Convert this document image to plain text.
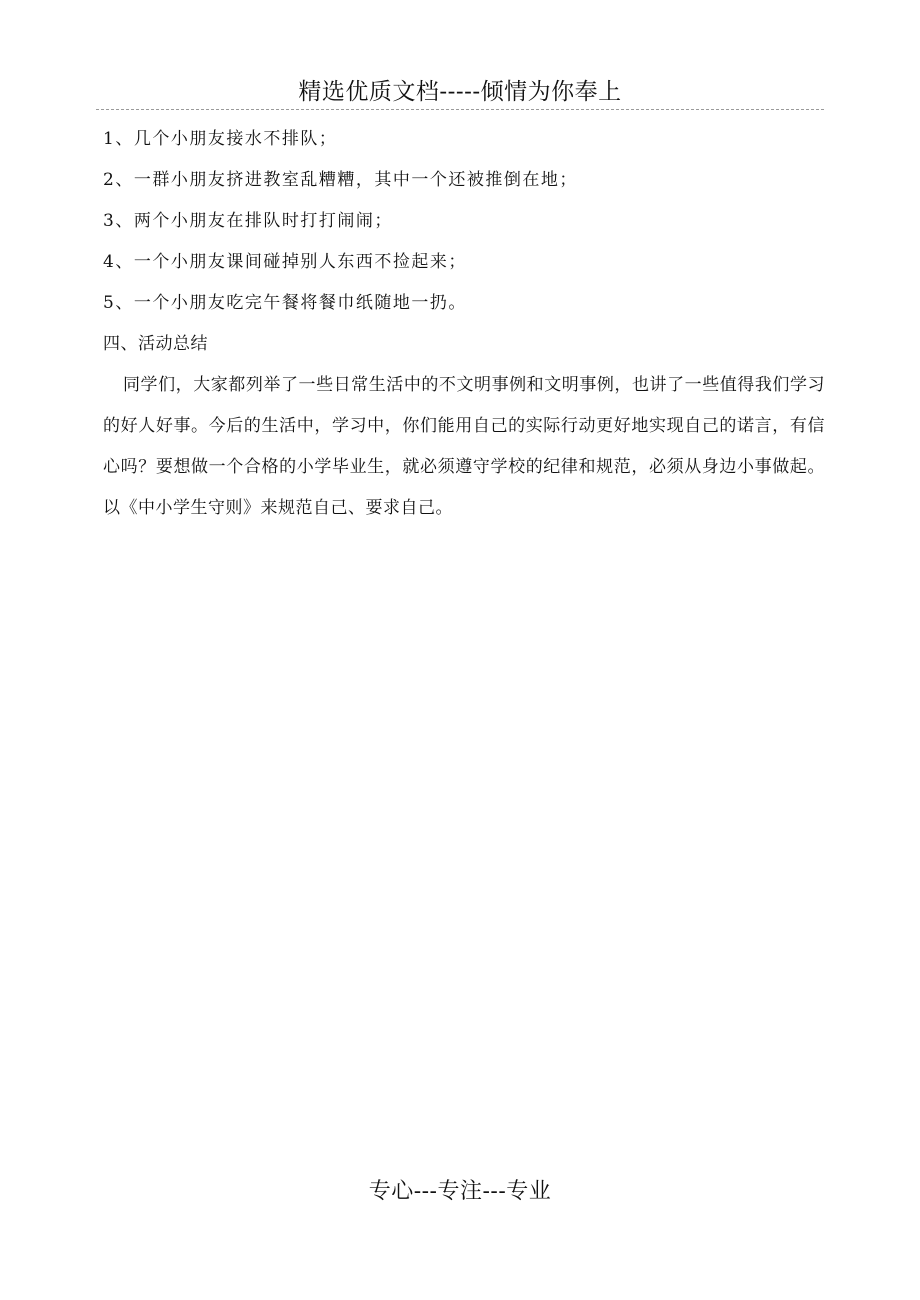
精选优质文档-----倾情为你奉上
1、几个小朋友接水不排队；
2、一群小朋友挤进教室乱糟糟，其中一个还被推倒在地；
3、两个小朋友在排队时打打闹闹；
4、一个小朋友课间碰掉别人东西不捡起来；
5、一个小朋友吃完午餐将餐巾纸随地一扔。
四、活动总结

同学们，大家都列举了一些日常生活中的不文明事例和文明事例，也讲了一些值得我们学习的好人好事。今后的生活中，学习中，你们能用自己的实际行动更好地实现自己的诺言，有信心吗？要想做一个合格的小学毕业生，就必须遵守学校的纪律和规范，必须从身边小事做起。以《中小学生守则》来规范自己、要求自己。

专心---专注---专业
